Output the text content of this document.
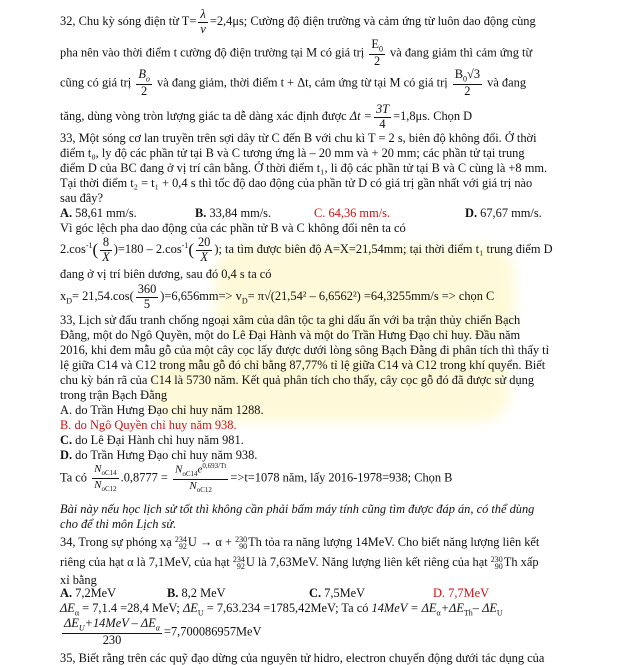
32, Chu kỳ sóng điện từ $T= \frac{\lambda}{v} =2,4\mu s$; Cường độ điện trường và cảm ứng từ luôn dao động cùng
pha nên vào thời điểm t cường độ điện trường tại M có giá trị $\frac{E_0}{2}$ và đang giảm thì cảm ứng từ
cũng có giá trị $\frac{B_o}{2}$ và đang giảm, thời điểm t + Δt, cảm ứng từ tại M có giá trị $\frac{B_0√3}{2}$ và đang
tăng, dùng vòng tròn lượng giác ta dễ dàng xác định được $\Delta t = \frac{3T}{4} =1,8\mu s$. Chọn D
33, Một sóng cơ lan truyền trên sợi dây từ C đến B với chu kì T = 2 s, biên độ không đổi. Ở thời
điểm t₀, ly độ các phần tử tại B và C tương ứng là – 20 mm và + 20 mm; các phần tử tại trung
điểm D của BC đang ở vị trí cân bằng. Ở thời điểm t₁, li độ các phần tử tại B và C cùng là +8 mm.
Tại thời điểm t₂ = t₁ + 0,4 s thì tốc độ dao động của phần tử D có giá trị gần nhất với giá trị nào
sau đây?
A. 58,61 mm/s.	B. 33,84 mm/s.	C. 64,36 mm/s.	D. 67,67 mm/s.
Vì góc lệch pha dao động của các phần tử B và C không đổi nên ta có
$2.\cos^{-1}( \frac{8}{X} )=180 - 2.\cos^{-1}( \frac{20}{X}$ ); ta tìm được biên độ A=X=21,54mm; tại thời điểm t₁ trung điểm D
đang ở vị trí biên dương, sau đó 0,4 s ta có
$x_D= 21,54.\cos( \frac{360}{5} )=6,656mm=> v_D= \pi√(21,54^2 - 6,6562^2) =64,3255mm/s$ => chọn C
33, Lịch sử đấu tranh chống ngoại xâm của dân tộc ta ghi dấu ấn với ba trận thủy chiến Bạch
Đằng, một do Ngô Quyền, một do Lê Đại Hành và một do Trần Hưng Đạo chỉ huy. Đầu năm
2016, khi đem mẫu gỗ của một cây cọc lấy được dưới lòng sông Bạch Đằng đi phân tích thì thấy tỉ
lệ giữa C14 và C12 trong mẫu gỗ đó chỉ bằng 87,77% tỉ lệ giữa C14 và C12 trong khí quyển. Biết
chu kỳ bán rã của C14 là 5730 năm. Kết quả phân tích cho thấy, cây cọc gỗ đó đã được sử dụng
trong trận Bạch Đằng
A. do Trần Hưng Đạo chỉ huy năm 1288.
B. do Ngô Quyền chỉ huy năm 938.
C. do Lê Đại Hành chỉ huy năm 981.
D. do Trần Hưng Đạo chỉ huy năm 938.
Ta có $\frac{N_{oC14}}{N_{oC12}} .0,8777 = \frac{N_{oC14}e^{0,693/Tt}}{N_{oC12}} =>t=1078$ năm, lấy 2016-1978=938; Chọn B
Bài này nếu học lịch sử tốt thì không cần phải bấm máy tính cũng tìm được đáp án, có thể dùng
cho để thi môn Lịch sử.
34, Trong sự phóng xạ 234
92U → α + 230
90Th tỏa ra năng lượng 14MeV. Cho biết năng lượng liên kết
riêng của hạt α là 7,1MeV, của hạt 234
92U là 7,63MeV. Năng lượng liên kết riêng của hạt 230
90Th xấp
xỉ bằng
A. 7,2MeV	B. 8,2 MeV	C. 7,5MeV	D. 7,7MeV
$\Delta E_\alpha = 7,1.4 =28,4$ MeV; $\Delta E_U = 7,63.234 =1785,42MeV$; Ta có $14MeV = \Delta E_\alpha+\Delta E_{Th}-$ $\Delta E_U$
$\frac{\Delta E_U+14MeV - \Delta E_\alpha}{230} =7,700086957MeV$
35, Biết rằng trên các quỹ đạo dừng của nguyên tử hidro, electron chuyển động dưới tác dụng của
